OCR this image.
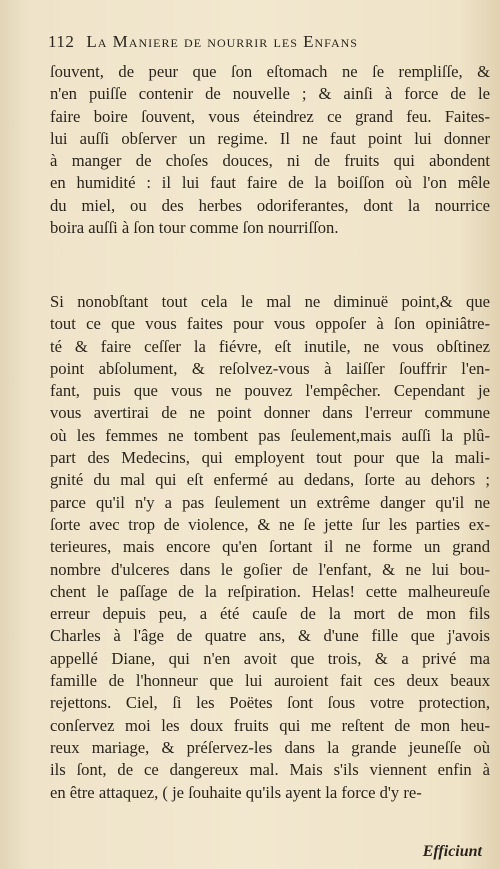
112 La Maniere de nourrir les Enfans
ſouvent, de peur que ſon eſtomach ne ſe rempliſſe, &
n'en puiſſe contenir de nouvelle ; & ainſi à force de le
faire boire ſouvent, vous éteindrez ce grand feu. Faites-
lui auſſi obſerver un regime. Il ne faut point lui donner
à manger de choſes douces, ni de fruits qui abondent
en humidité : il lui faut faire de la boiſſon où l'on mêle
du miel, ou des herbes odoriferantes, dont la nourrice
boira auſſi à ſon tour comme ſon nourriſſon.
Si nonobſtant tout cela le mal ne diminuë point,& que
tout ce que vous faites pour vous oppoſer à ſon opiniâtre-
té & faire ceſſer la fiévre, eſt inutile, ne vous obſtinez
point abſolument, & reſolvez-vous à laiſſer ſouffrir l'en-
fant, puis que vous ne pouvez l'empêcher. Cependant je
vous avertirai de ne point donner dans l'erreur commune
où les femmes ne tombent pas ſeulement,mais auſſi la plû-
part des Medecins, qui employent tout pour que la mali-
gnité du mal qui eſt enfermé au dedans, ſorte au dehors ;
parce qu'il n'y a pas ſeulement un extrême danger qu'il ne
ſorte avec trop de violence, & ne ſe jette ſur les parties ex-
terieures, mais encore qu'en ſortant il ne forme un grand
nombre d'ulceres dans le goſier de l'enfant, & ne lui bou-
chent le paſſage de la reſpiration. Helas! cette malheureuſe
erreur depuis peu, a été cauſe de la mort de mon fils
Charles à l'âge de quatre ans, & d'une fille que j'avois
appellé Diane, qui n'en avoit que trois, & a privé ma
famille de l'honneur que lui auroient fait ces deux beaux
rejettons. Ciel, ſi les Poëtes ſont ſous votre protection,
conſervez moi les doux fruits qui me reſtent de mon heu-
reux mariage, & préſervez-les dans la grande jeuneſſe où
ils ſont, de ce dangereux mal. Mais s'ils viennent enfin à
en être attaquez, ( je ſouhaite qu'ils ayent la force d'y re-
Efficiunt
